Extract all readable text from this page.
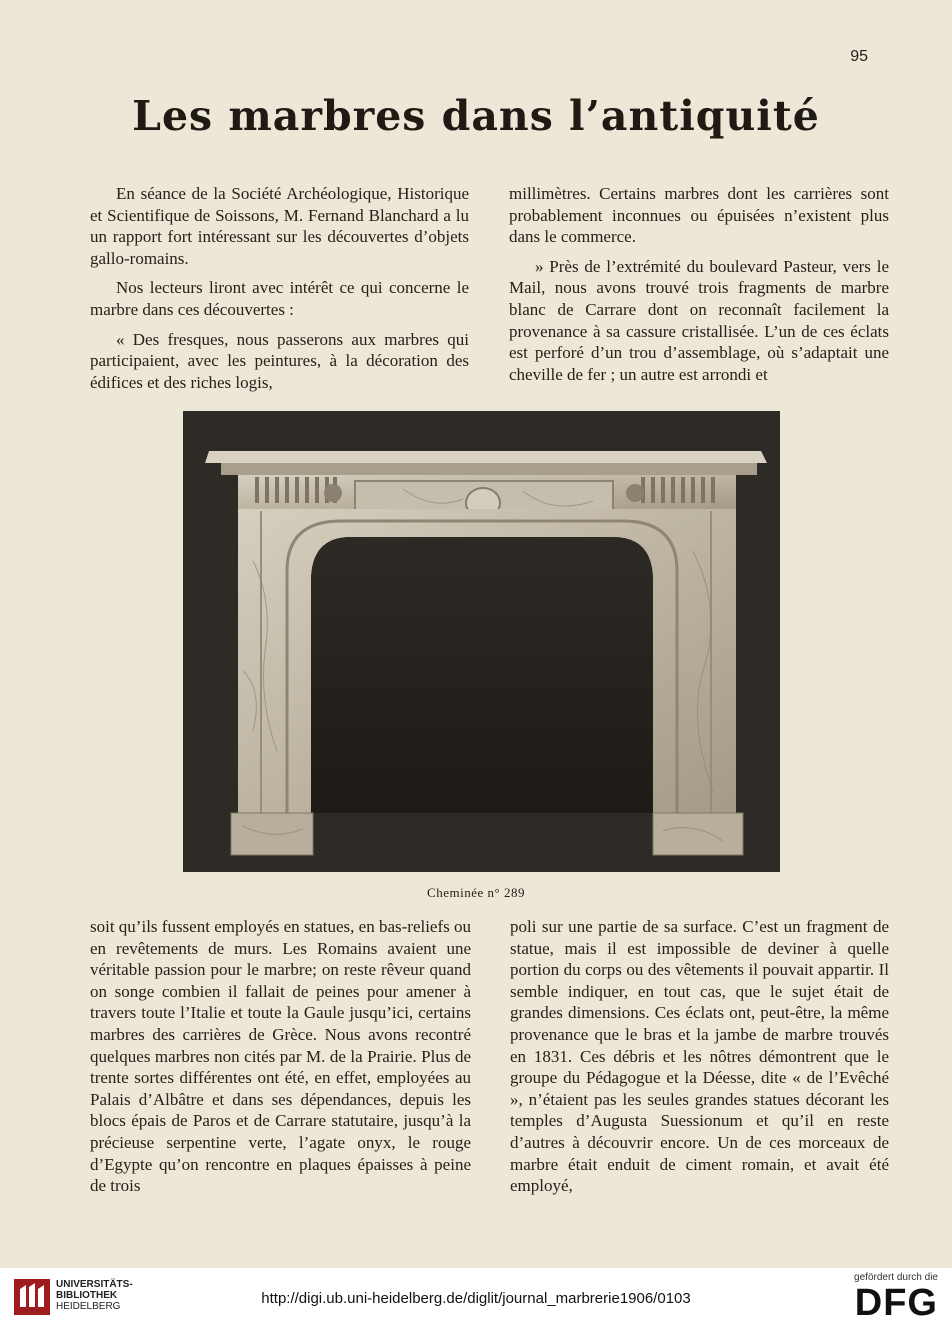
95
Les marbres dans l’antiquité

En séance de la Société Archéologique, Historique et Scientifique de Soissons, M. Fernand Blanchard a lu un rapport fort intéressant sur les découvertes d’objets gallo-romains.

Nos lecteurs liront avec intérêt ce qui concerne le marbre dans ces découvertes :

« Des fresques, nous passerons aux marbres qui participaient, avec les peintures, à la décoration des édifices et des riches logis,

millimètres. Certains marbres dont les carrières sont probablement inconnues ou épuisées n’existent plus dans le commerce.

» Près de l’extrémité du boulevard Pasteur, vers le Mail, nous avons trouvé trois fragments de marbre blanc de Carrare dont on reconnaît facilement la provenance à sa cassure cristallisée. L’un de ces éclats est perforé d’un trou d’assemblage, où s’adaptait une cheville de fer ; un autre est arrondi et

Cheminée n° 289

soit qu’ils fussent employés en statues, en bas-reliefs ou en revêtements de murs. Les Romains avaient une véritable passion pour le marbre; on reste rêveur quand on songe combien il fallait de peines pour amener à travers toute l’Italie et toute la Gaule jusqu’ici, certains marbres des carrières de Grèce. Nous avons recontré quelques marbres non cités par M. de la Prairie. Plus de trente sortes différentes ont été, en effet, employées au Palais d’Albâtre et dans ses dépendances, depuis les blocs épais de Paros et de Carrare statutaire, jusqu’à la précieuse serpentine verte, l’agate onyx, le rouge d’Egypte qu’on rencontre en plaques épaisses à peine de trois

poli sur une partie de sa surface. C’est un fragment de statue, mais il est impossible de deviner à quelle portion du corps ou des vêtements il pouvait appartir. Il semble indiquer, en tout cas, que le sujet était de grandes dimensions. Ces éclats ont, peut-être, la même provenance que le bras et la jambe de marbre trouvés en 1831. Ces débris et les nôtres démontrent que le groupe du Pédagogue et la Déesse, dite « de l’Evêché », n’étaient pas les seules grandes statues décorant les temples d’Augusta Suessionum et qu’il en reste d’autres à découvrir encore. Un de ces morceaux de marbre était enduit de ciment romain, et avait été employé,

UNIVERSITÄTS-
BIBLIOTHEK
HEIDELBERG	http://digi.ub.uni-heidelberg.de/diglit/journal_marbrerie1906/0103
gefördert durch die
DFG
